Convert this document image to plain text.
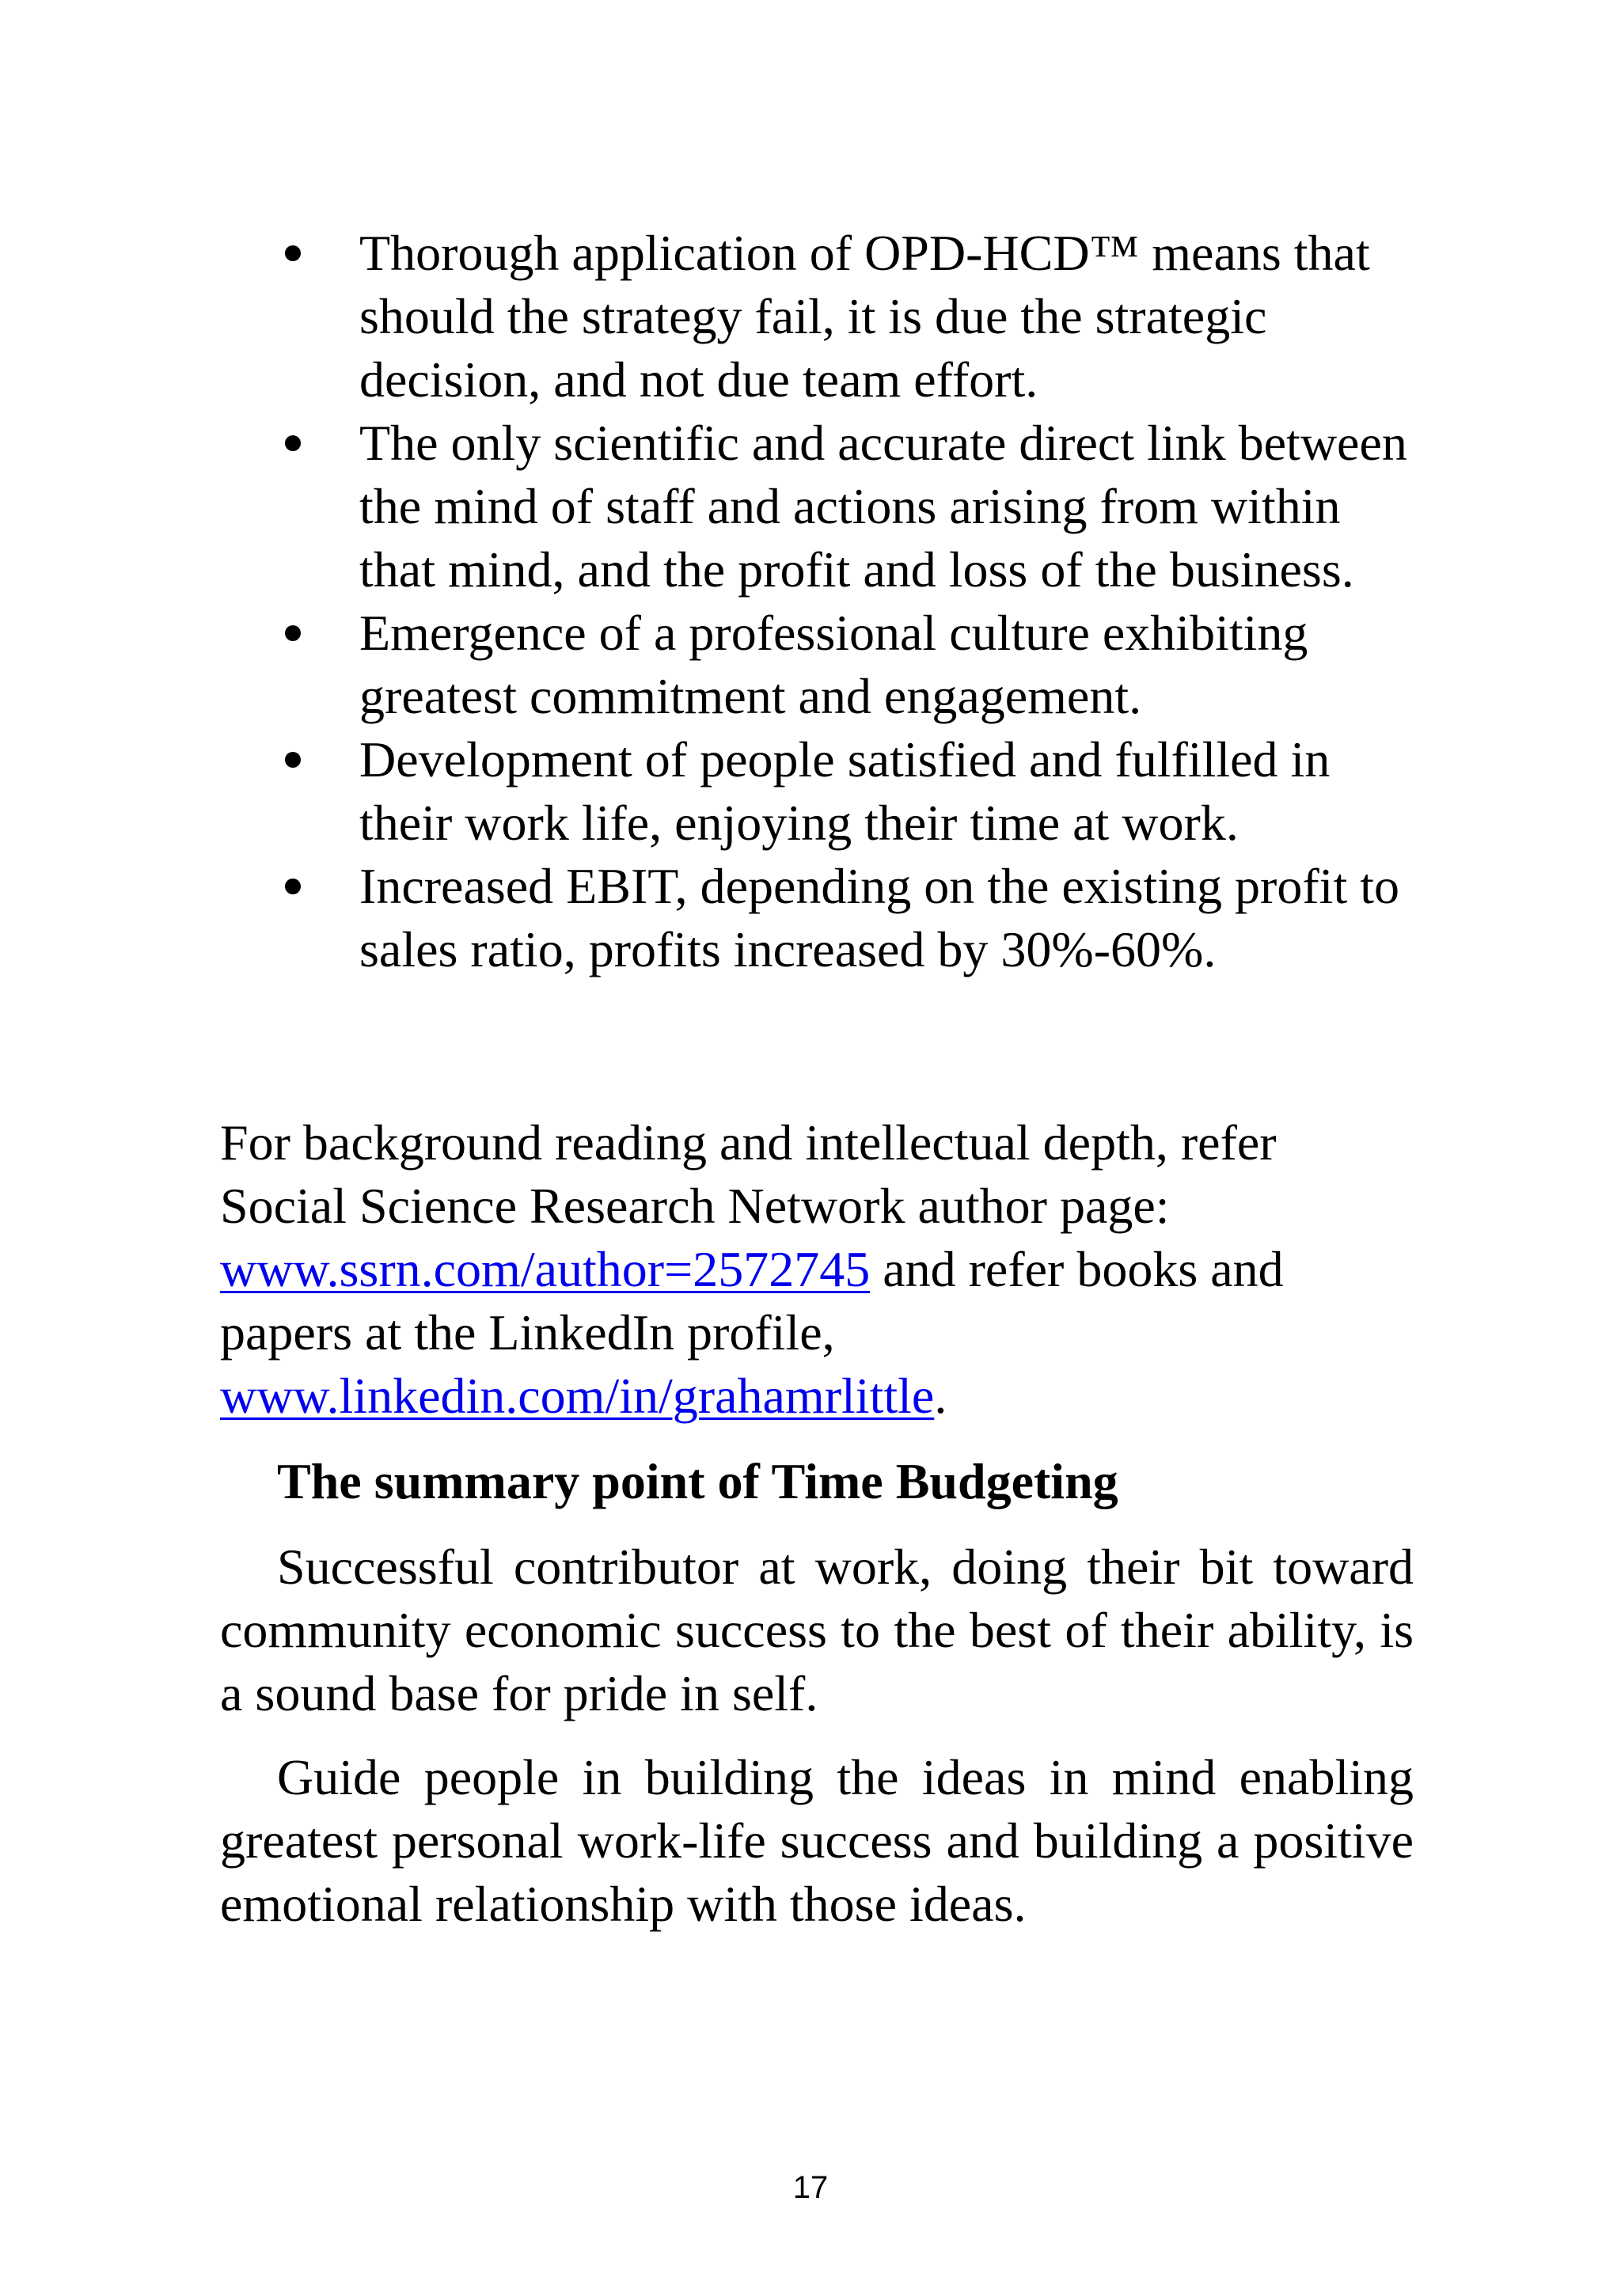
Thorough application of OPD-HCD™ means that should the strategy fail, it is due the strategic decision, and not due team effort.
The only scientific and accurate direct link between the mind of staff and actions arising from within that mind, and the profit and loss of the business.
Emergence of a professional culture exhibiting greatest commitment and engagement.
Development of people satisfied and fulfilled in their work life, enjoying their time at work.
Increased EBIT, depending on the existing profit to sales ratio, profits increased by 30%-60%.

For background reading and intellectual depth, refer Social Science Research Network author page: www.ssrn.com/author=2572745 and refer books and papers at the LinkedIn profile, www.linkedin.com/in/grahamrlittle.

The summary point of Time Budgeting

Successful contributor at work, doing their bit toward community economic success to the best of their ability, is a sound base for pride in self.

Guide people in building the ideas in mind enabling greatest personal work-life success and building a positive emotional relationship with those ideas.

17
